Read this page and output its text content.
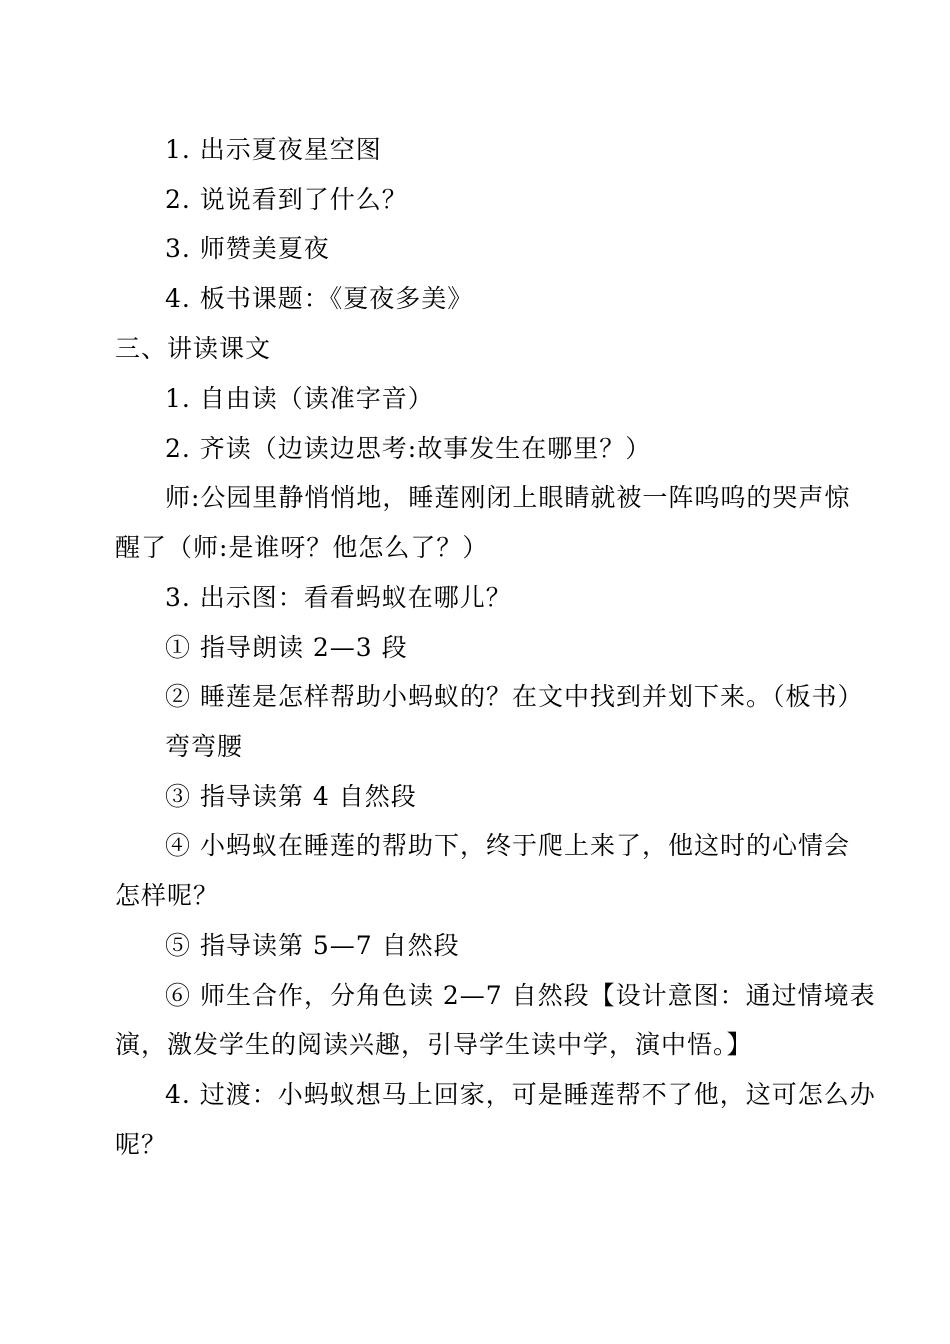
1. 出示夏夜星空图
2. 说说看到了什么？
3. 师赞美夏夜
4. 板书课题：《夏夜多美》
三、讲读课文
1. 自由读（读准字音）
2. 齐读（边读边思考:故事发生在哪里？）
师:公园里静悄悄地，睡莲刚闭上眼睛就被一阵呜呜的哭声惊
醒了（师:是谁呀？他怎么了？）
3. 出示图：看看蚂蚁在哪儿？
① 指导朗读 2—3 段
② 睡莲是怎样帮助小蚂蚁的？在文中找到并划下来。（板书）
弯弯腰
③ 指导读第 4 自然段
④ 小蚂蚁在睡莲的帮助下，终于爬上来了，他这时的心情会
怎样呢？
⑤ 指导读第 5—7 自然段
⑥ 师生合作，分角色读 2—7 自然段【设计意图：通过情境表
演，激发学生的阅读兴趣，引导学生读中学，演中悟。】
4. 过渡：小蚂蚁想马上回家，可是睡莲帮不了他，这可怎么办
呢？
